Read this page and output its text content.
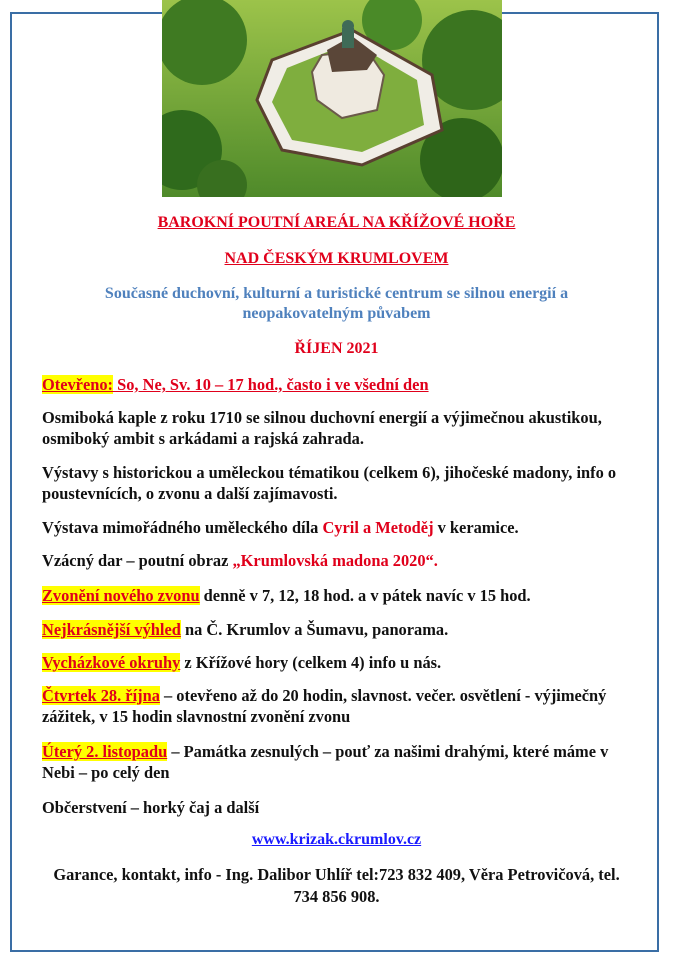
BAROKNÍ POUTNÍ AREÁL NA KŘÍŽOVÉ HOŘE
NAD ČESKÝM KRUMLOVEM
Současné duchovní, kulturní a turistické centrum se silnou energií a neopakovatelným půvabem
ŘÍJEN 2021
Otevřeno: So, Ne, Sv. 10 – 17 hod., často i ve všední den
Osmiboká kaple z roku 1710 se silnou duchovní energií a výjimečnou akustikou, osmiboký ambit s arkádami a rajská zahrada.
Výstavy s historickou a uměleckou tématikou (celkem 6), jihočeské madony, info o poustevnících, o zvonu a další zajímavosti.
Výstava mimořádného uměleckého díla Cyril a Metoděj v keramice.
Vzácný dar – poutní obraz „Krumlovská madona 2020“.
Zvonění nového zvonu denně v 7, 12, 18 hod. a v pátek navíc v 15 hod.
Nejkrásnější výhled na Č. Krumlov a Šumavu, panorama.
Vycházkové okruhy z Křížové hory (celkem 4) info u nás.
Čtvrtek 28. října – otevřeno až do 20 hodin, slavnost. večer. osvětlení - výjimečný zážitek, v 15 hodin slavnostní zvonění zvonu
Úterý 2. listopadu – Památka zesnulých – pouť za našimi drahými, které máme v Nebi – po celý den
Občerstvení – horký čaj a další
www.krizak.ckrumlov.cz
Garance, kontakt, info - Ing. Dalibor Uhlíř tel:723 832 409, Věra Petrovičová, tel. 734 856 908.
